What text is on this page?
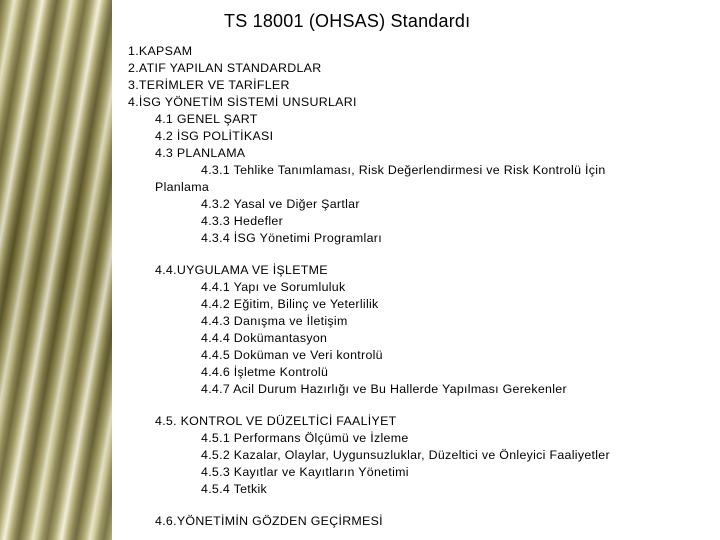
TS 18001 (OHSAS) Standardı
1.KAPSAM
2.ATIF YAPILAN STANDARDLAR
3.TERİMLER VE TARİFLER
4.İSG YÖNETİM SİSTEMİ UNSURLARI
4.1 GENEL ŞART
4.2 İSG POLİTİKASI
4.3 PLANLAMA
4.3.1 Tehlike Tanımlaması, Risk Değerlendirmesi ve Risk Kontrolü İçin
Planlama
4.3.2 Yasal ve Diğer Şartlar
4.3.3 Hedefler
4.3.4 İSG Yönetimi Programları
4.4.UYGULAMA VE İŞLETME
4.4.1 Yapı ve Sorumluluk
4.4.2 Eğitim, Bilinç ve Yeterlilik
4.4.3 Danışma ve İletişim
4.4.4 Dokümantasyon
4.4.5 Doküman ve Veri kontrolü
4.4.6 İşletme Kontrolü
4.4.7 Acil Durum Hazırlığı ve Bu Hallerde Yapılması Gerekenler
4.5. KONTROL VE DÜZELTİCİ FAALİYET
4.5.1 Performans Ölçümü ve İzleme
4.5.2 Kazalar, Olaylar, Uygunsuzluklar, Düzeltici ve Önleyici Faaliyetler
4.5.3 Kayıtlar ve Kayıtların Yönetimi
4.5.4 Tetkik
4.6.YÖNETİMİN GÖZDEN GEÇİRMESİ
